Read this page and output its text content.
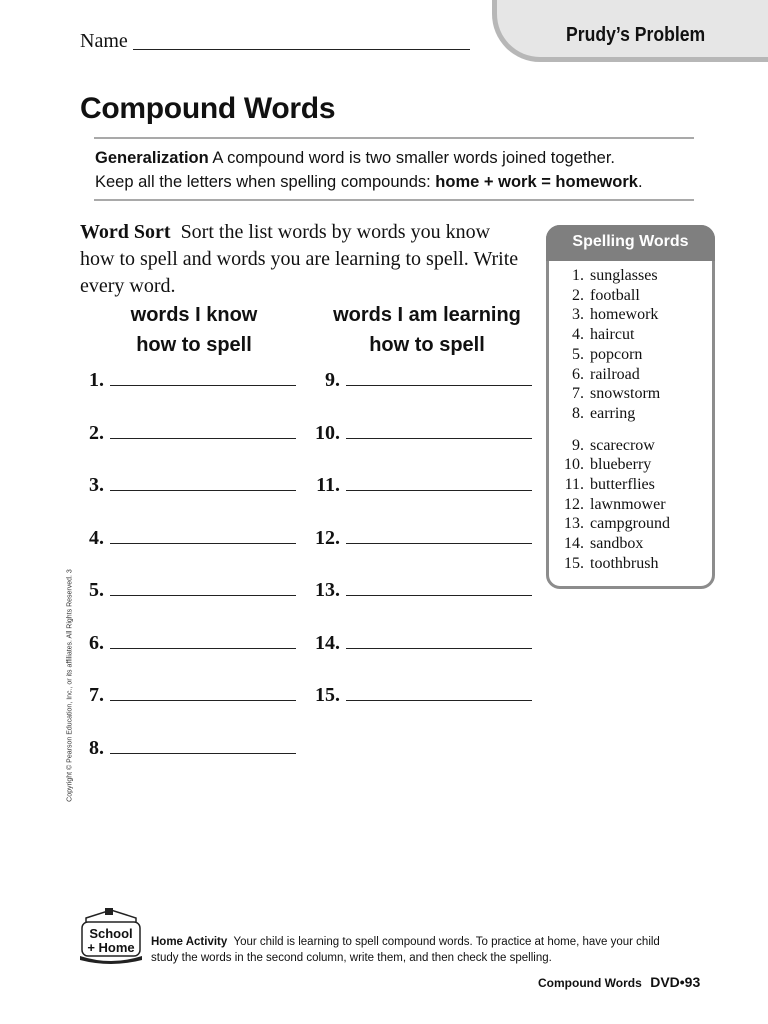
Prudy’s Problem
Name
Compound Words
Generalization A compound word is two smaller words joined together.
Keep all the letters when spelling compounds: home + work = homework.
Word Sort Sort the list words by words you know how to spell and words you are learning to spell. Write every word.
words I know
how to spell
words I am learning
how to spell
1.
2.
3.
4.
5.
6.
7.
8.
9.
10.
11.
12.
13.
14.
15.
Spelling Words
1. sunglasses
2. football
3. homework
4. haircut
5. popcorn
6. railroad
7. snowstorm
8. earring
9. scarecrow
10. blueberry
11. butterflies
12. lawnmower
13. campground
14. sandbox
15. toothbrush
Copyright © Pearson Education, Inc., or its affiliates. All Rights Reserved. 3
School
+ Home Home Activity Your child is learning to spell compound words. To practice at home, have your child study the words in the second column, write them, and then check the spelling.
Compound Words DVD•93
